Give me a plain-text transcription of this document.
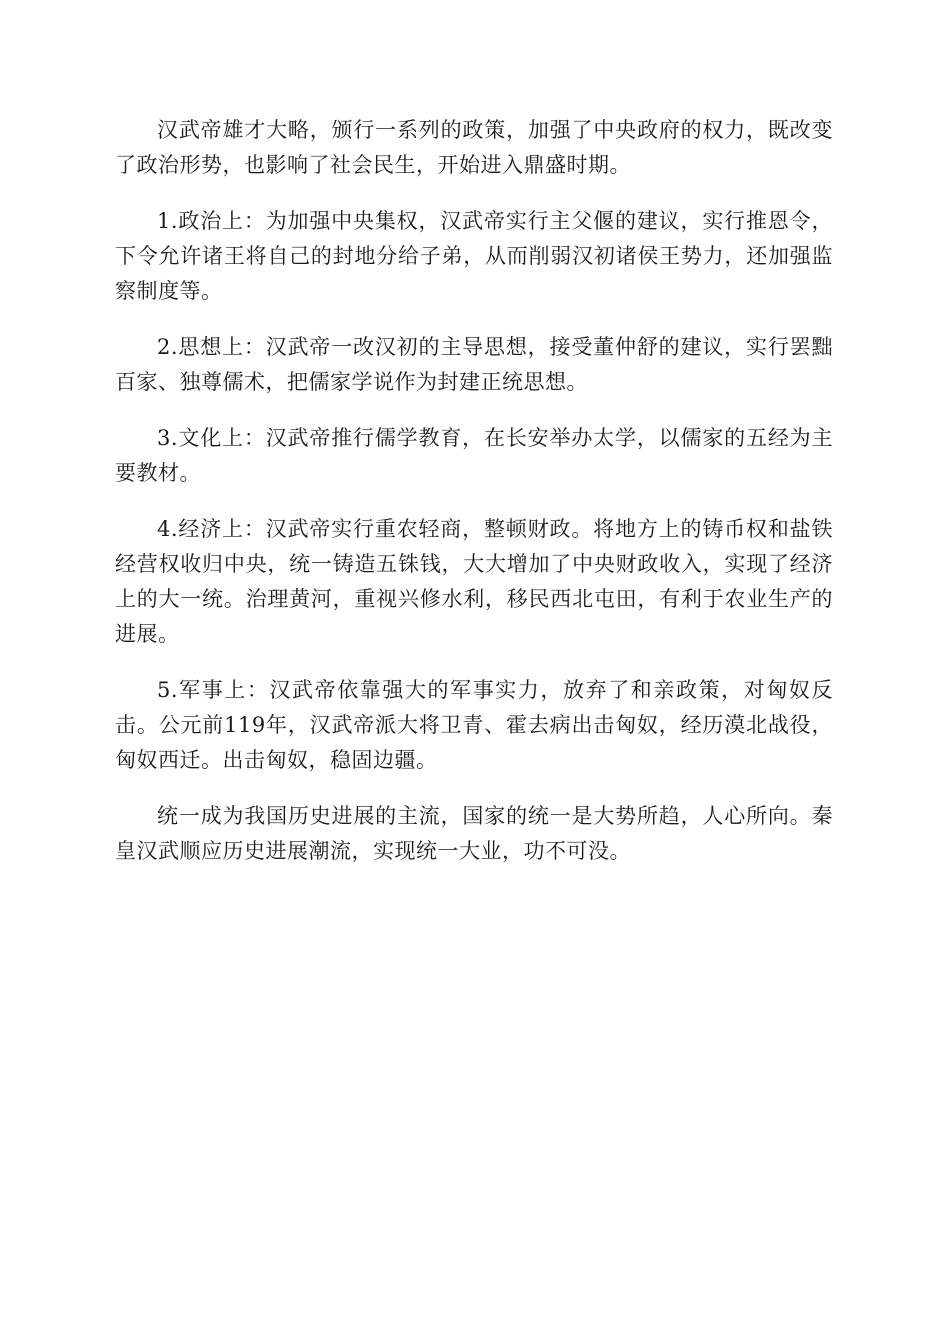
汉武帝雄才大略，颁行一系列的政策，加强了中央政府的权力，既改变了政治形势，也影响了社会民生，开始进入鼎盛时期。

1.政治上：为加强中央集权，汉武帝实行主父偃的建议，实行推恩令，下令允许诸王将自己的封地分给子弟，从而削弱汉初诸侯王势力，还加强监察制度等。

2.思想上：汉武帝一改汉初的主导思想，接受董仲舒的建议，实行罢黜百家、独尊儒术，把儒家学说作为封建正统思想。

3.文化上：汉武帝推行儒学教育，在长安举办太学，以儒家的五经为主要教材。

4.经济上：汉武帝实行重农轻商，整顿财政。将地方上的铸币权和盐铁经营权收归中央，统一铸造五铢钱，大大增加了中央财政收入，实现了经济上的大一统。治理黄河，重视兴修水利，移民西北屯田，有利于农业生产的进展。

5.军事上：汉武帝依靠强大的军事实力，放弃了和亲政策，对匈奴反击。公元前119年，汉武帝派大将卫青、霍去病出击匈奴，经历漠北战役，匈奴西迁。出击匈奴，稳固边疆。

统一成为我国历史进展的主流，国家的统一是大势所趋，人心所向。秦皇汉武顺应历史进展潮流，实现统一大业，功不可没。
